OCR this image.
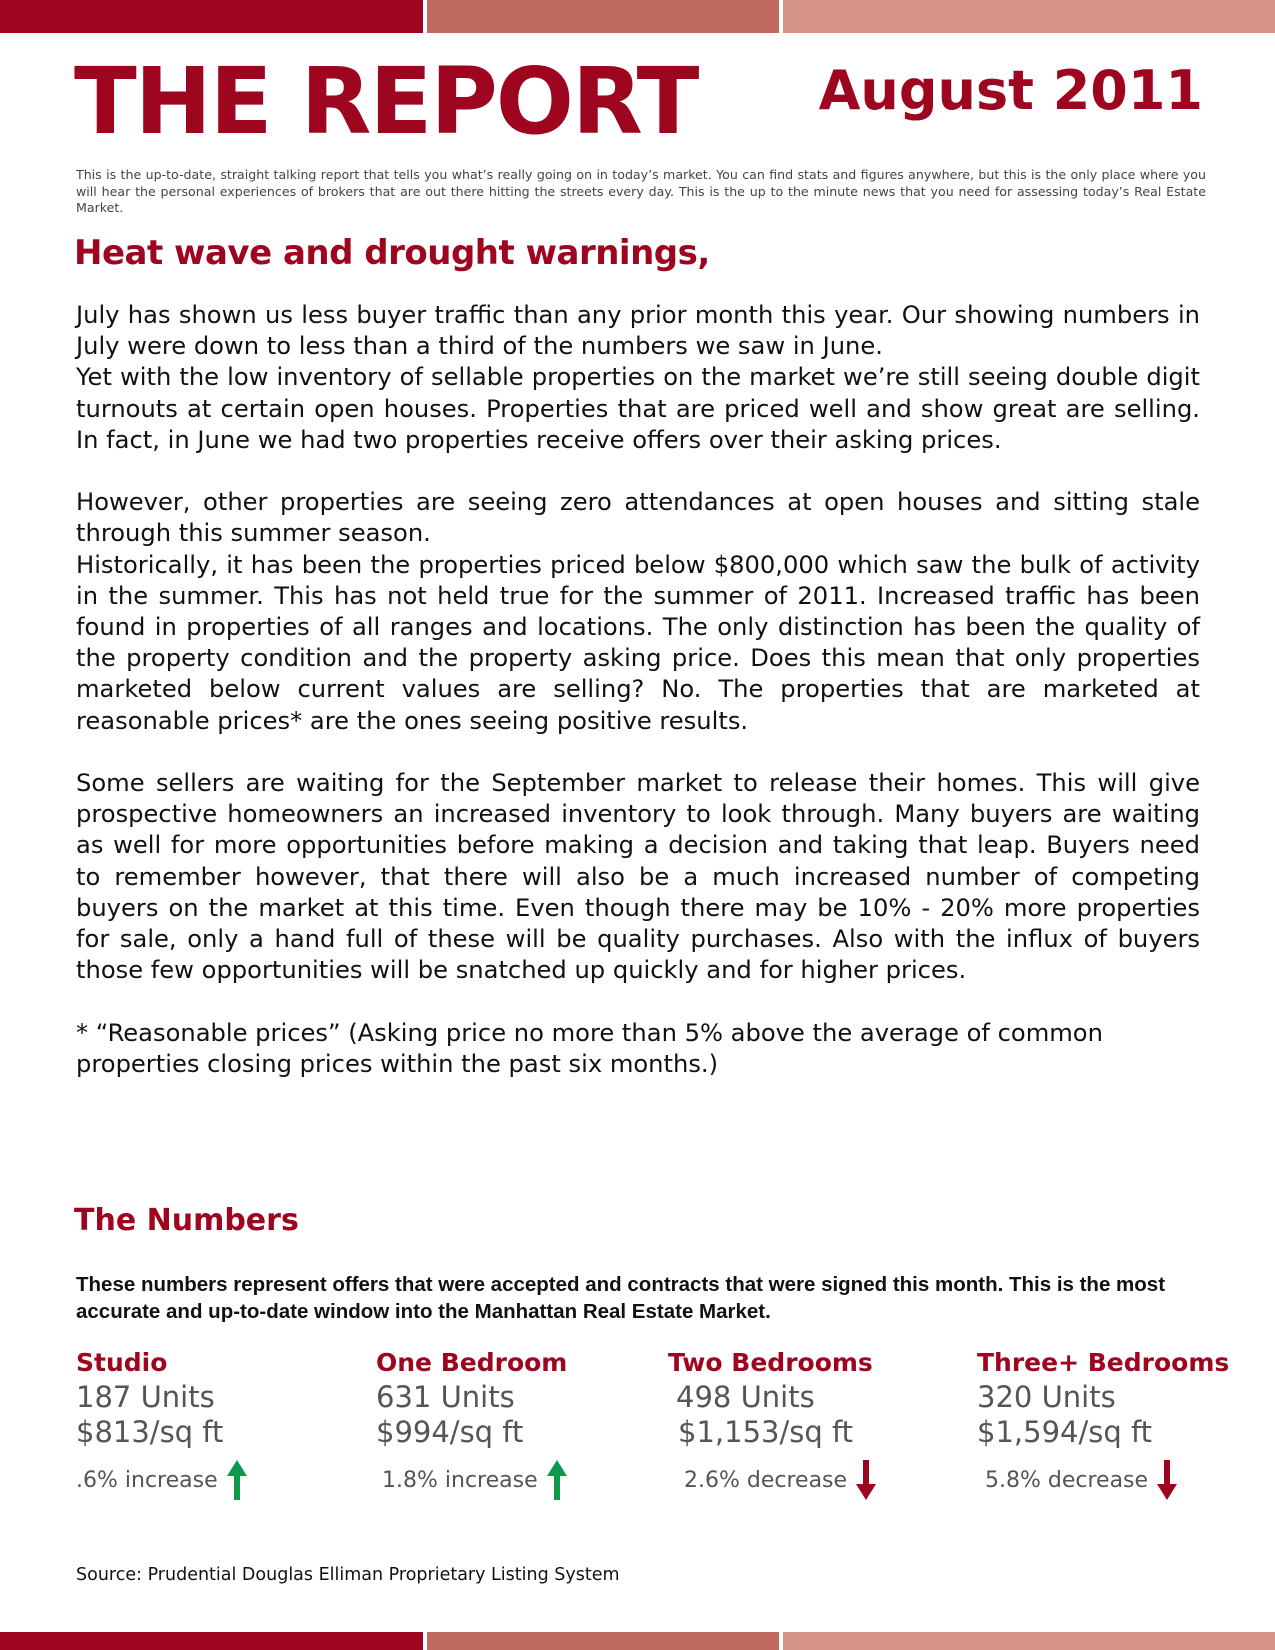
THE REPORT August 2011
This is the up-to-date, straight talking report that tells you what’s really going on in today’s market. You can find stats and figures anywhere, but this is the only place where you will hear the personal experiences of brokers that are out there hitting the streets every day. This is the up to the minute news that you need for assessing today’s Real Estate Market.
Heat wave and drought warnings,

July has shown us less buyer traffic than any prior month this year. Our showing numbers in July were down to less than a third of the numbers we saw in June.

Yet with the low inventory of sellable properties on the market we’re still seeing double digit turnouts at certain open houses. Properties that are priced well and show great are selling. In fact, in June we had two properties receive offers over their asking prices.

However, other properties are seeing zero attendances at open houses and sitting stale through this summer season.

Historically, it has been the properties priced below $800,000 which saw the bulk of activity in the summer. This has not held true for the summer of 2011. Increased traffic has been found in properties of all ranges and locations. The only distinction has been the quality of the property condition and the property asking price. Does this mean that only properties marketed below current values are selling? No. The properties that are marketed at reasonable prices* are the ones seeing positive results.

Some sellers are waiting for the September market to release their homes. This will give prospective homeowners an increased inventory to look through. Many buyers are waiting as well for more opportunities before making a decision and taking that leap. Buyers need to remember however, that there will also be a much increased number of competing buyers on the market at this time. Even though there may be 10% - 20% more properties for sale, only a hand full of these will be quality purchases. Also with the influx of buyers those few opportunities will be snatched up quickly and for higher prices.

* “Reasonable prices” (Asking price no more than 5% above the average of common properties closing prices within the past six months.)

The Numbers
These numbers represent offers that were accepted and contracts that were signed this month. This is the most accurate and up-to-date window into the Manhattan Real Estate Market.
Studio
187 Units
$813/sq ft
.6% increase
One Bedroom
631 Units
$994/sq ft
1.8% increase
Two Bedrooms
498 Units
$1,153/sq ft
2.6% decrease
Three+ Bedrooms
320 Units
$1,594/sq ft
5.8% decrease
Source: Prudential Douglas Elliman Proprietary Listing System
